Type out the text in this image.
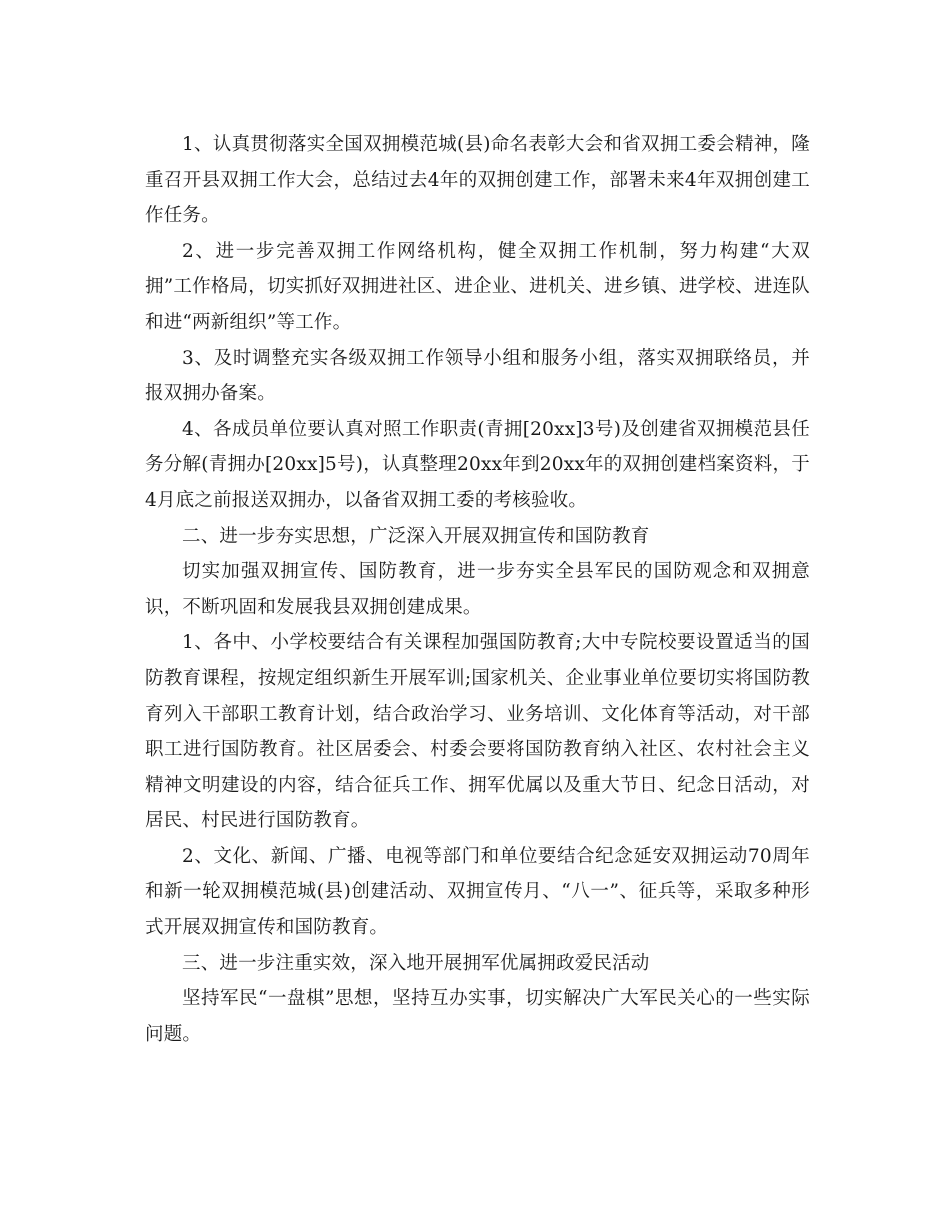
1、认真贯彻落实全国双拥模范城(县)命名表彰大会和省双拥工委会精神，隆重召开县双拥工作大会，总结过去4年的双拥创建工作，部署未来4年双拥创建工作任务。

2、进一步完善双拥工作网络机构，健全双拥工作机制，努力构建“大双拥”工作格局，切实抓好双拥进社区、进企业、进机关、进乡镇、进学校、进连队和进“两新组织”等工作。

3、及时调整充实各级双拥工作领导小组和服务小组，落实双拥联络员，并报双拥办备案。

4、各成员单位要认真对照工作职责(青拥[20xx]3号)及创建省双拥模范县任务分解(青拥办[20xx]5号)，认真整理20xx年到20xx年的双拥创建档案资料，于4月底之前报送双拥办，以备省双拥工委的考核验收。

二、进一步夯实思想，广泛深入开展双拥宣传和国防教育

切实加强双拥宣传、国防教育，进一步夯实全县军民的国防观念和双拥意识，不断巩固和发展我县双拥创建成果。

1、各中、小学校要结合有关课程加强国防教育;大中专院校要设置适当的国防教育课程，按规定组织新生开展军训;国家机关、企业事业单位要切实将国防教育列入干部职工教育计划，结合政治学习、业务培训、文化体育等活动，对干部职工进行国防教育。社区居委会、村委会要将国防教育纳入社区、农村社会主义精神文明建设的内容，结合征兵工作、拥军优属以及重大节日、纪念日活动，对居民、村民进行国防教育。

2、文化、新闻、广播、电视等部门和单位要结合纪念延安双拥运动70周年和新一轮双拥模范城(县)创建活动、双拥宣传月、“八一”、征兵等，采取多种形式开展双拥宣传和国防教育。

三、进一步注重实效，深入地开展拥军优属拥政爱民活动

坚持军民“一盘棋”思想，坚持互办实事，切实解决广大军民关心的一些实际问题。
